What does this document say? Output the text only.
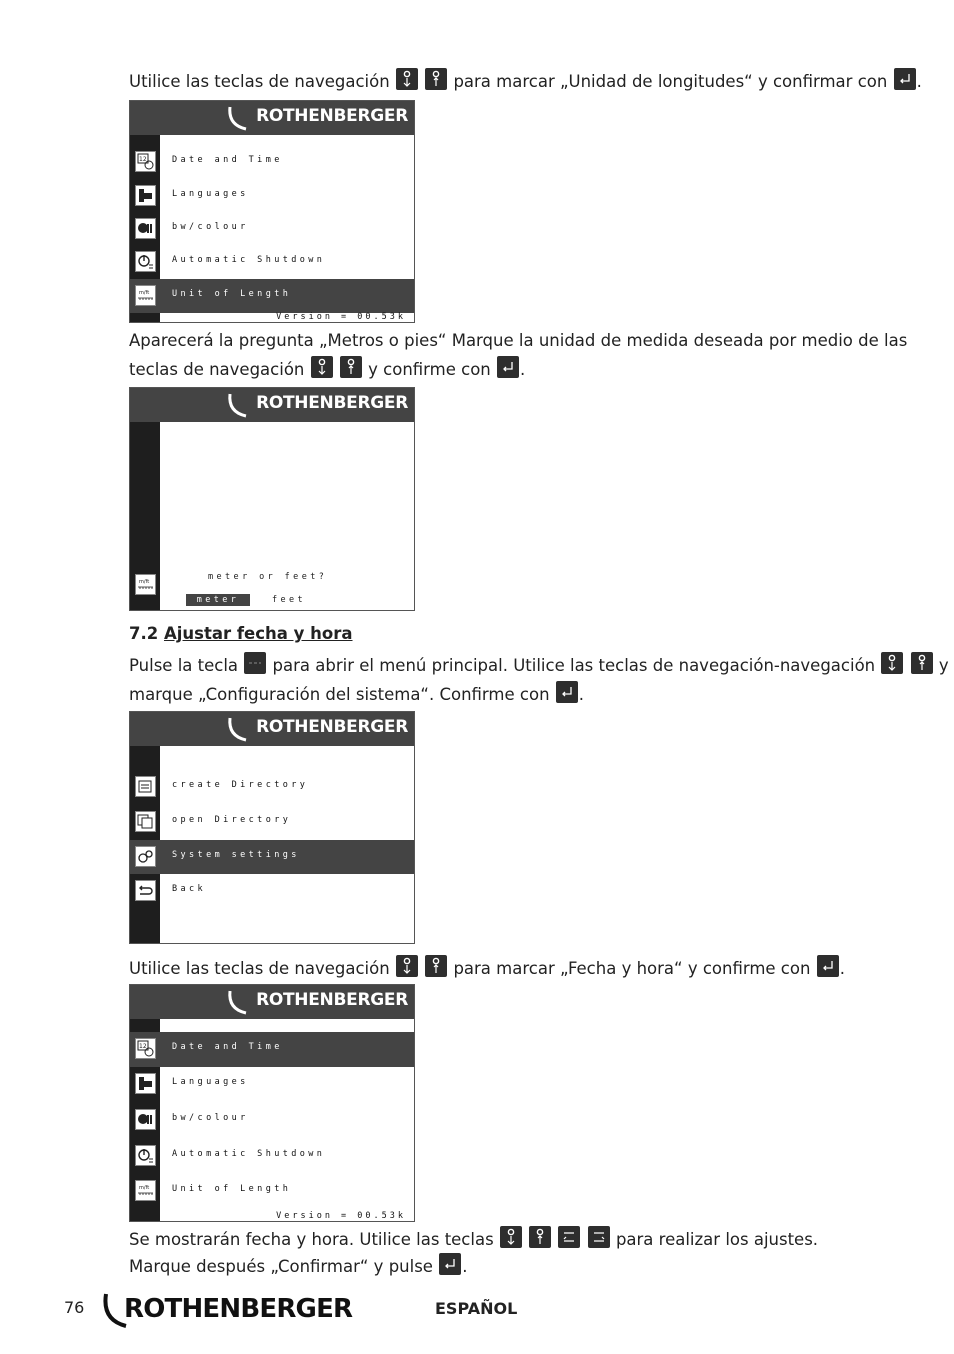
Utilice las teclas de navegación
	para marcar „Unidad de longitudes“ y confirmar con .
ROTHENBERGER
12	Date and Time
Languages
bw/colour
Automatic Shutdown
m/ft	Unit of Length
Version = 00.53k
Aparecerá la pregunta „Metros o pies“ Marque la unidad de medida deseada por medio de las
teclas de navegación
	y confirme con .
ROTHENBERGER
m/ft	meter or feet?
meter	feet
7.2 Ajustar fecha y hora
Pulse la tecla para abrir el menú principal. Utilice las teclas de navegación-navegación
	y
marque „Configuración del sistema“. Confirme con .
ROTHENBERGER
create Directory
open Directory
System settings
Back
Utilice las teclas de navegación
	para marcar „Fecha y hora“ y confirme con .
ROTHENBERGER
12	Date and Time
Languages
bw/colour
Automatic Shutdown
m/ft	Unit of Length
Version = 00.53k
Se mostrarán fecha y hora. Utilice las teclas

	para realizar los ajustes.
Marque después „Confirmar“ y pulse .
76	ROTHENBERGER	ESPAÑOL
